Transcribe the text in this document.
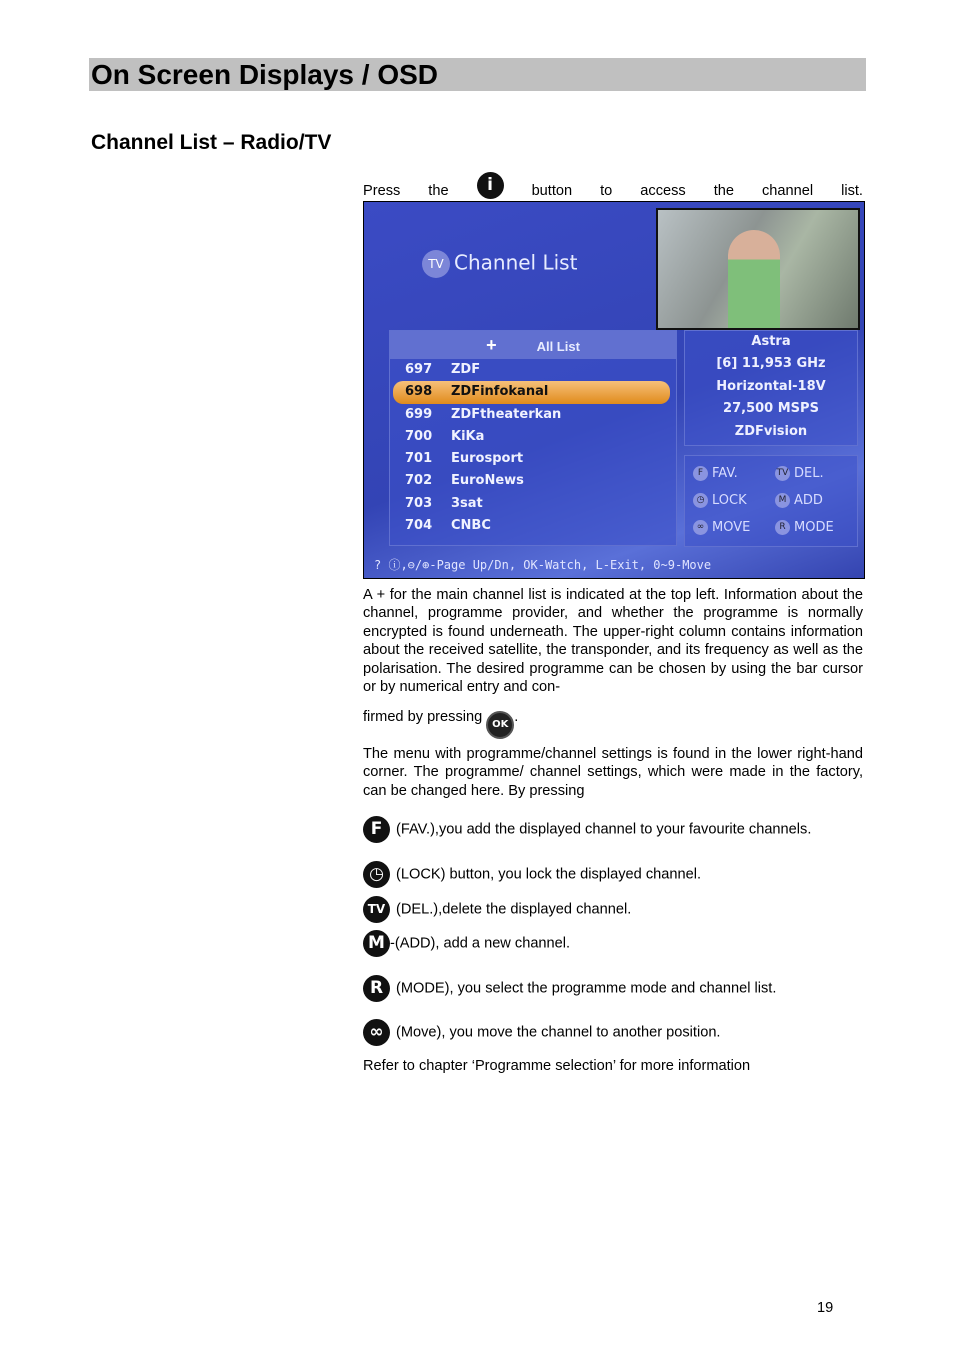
On Screen Displays / OSD
Channel List – Radio/TV
Press the	i	button to access the channel list.
TV Channel List
+	All List
697 ZDF
698 ZDFinfokanal
699 ZDFtheaterkan
700 KiKa
701 Eurosport
702 EuroNews
703 3sat
704 CNBC
Astra
[6] 11,953 GHz
Horizontal-18V
27,500 MSPS
ZDFvision
F FAV.	TV DEL.
◷ LOCK	M ADD
∞ MOVE	R MODE
? ⓘ,⊖/⊕-Page Up/Dn, OK-Watch, L-Exit, 0~9-Move
A + for the main channel list is indicated at the top left. Information about the channel, programme provider, and whether the programme is normally encrypted is found underneath. The upper-right column contains information about the received satellite, the transponder, and its frequency as well as the polarisation. The desired programme can be chosen by using the bar cursor or by numerical entry and con-
firmed by pressing OK .
The menu with programme/channel settings is found in the lower right-hand corner. The programme/ channel settings, which were made in the factory, can be changed here. By pressing
F (FAV.),you add the displayed channel to your favourite channels.
◷ (LOCK) button, you lock the displayed channel.
TV (DEL.),delete the displayed channel.
M -(ADD), add a new channel.
R (MODE), you select the programme mode and channel list.
∞ (Move), you move the channel to another position.
Refer to chapter ‘Programme selection’ for more information
19
